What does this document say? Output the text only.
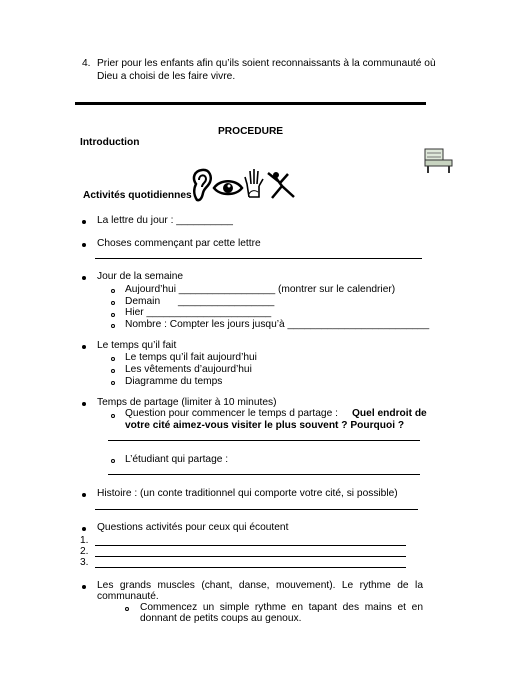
4. Prier pour les enfants afin qu’ils soient reconnaissants à la communauté où
Dieu a choisi de les faire vivre.
PROCEDURE
Introduction
Activités quotidiennes
La lettre du jour : __________
Choses commençant par cette lettre
Jour de la semaine
Aujourd’hui _________________ (montrer sur le calendrier)
Demain _________________
Hier ______________________
Nombre : Compter les jours jusqu’à _________________________
Le temps qu’il fait
Le temps qu’il fait aujourd’hui
Les vêtements d’aujourd’hui
Diagramme du temps
Temps de partage (limiter à 10 minutes)
Question pour commencer le temps d partage : Quel endroit de
votre cité aimez-vous visiter le plus souvent ? Pourquoi ?
L’étudiant qui partage :
Histoire : (un conte traditionnel qui comporte votre cité, si possible)
Questions activités pour ceux qui écoutent
1.
2.
3.
Les grands muscles (chant, danse, mouvement). Le rythme de la
communauté.
Commencez un simple rythme en tapant des mains et en
donnant de petits coups au genoux.
